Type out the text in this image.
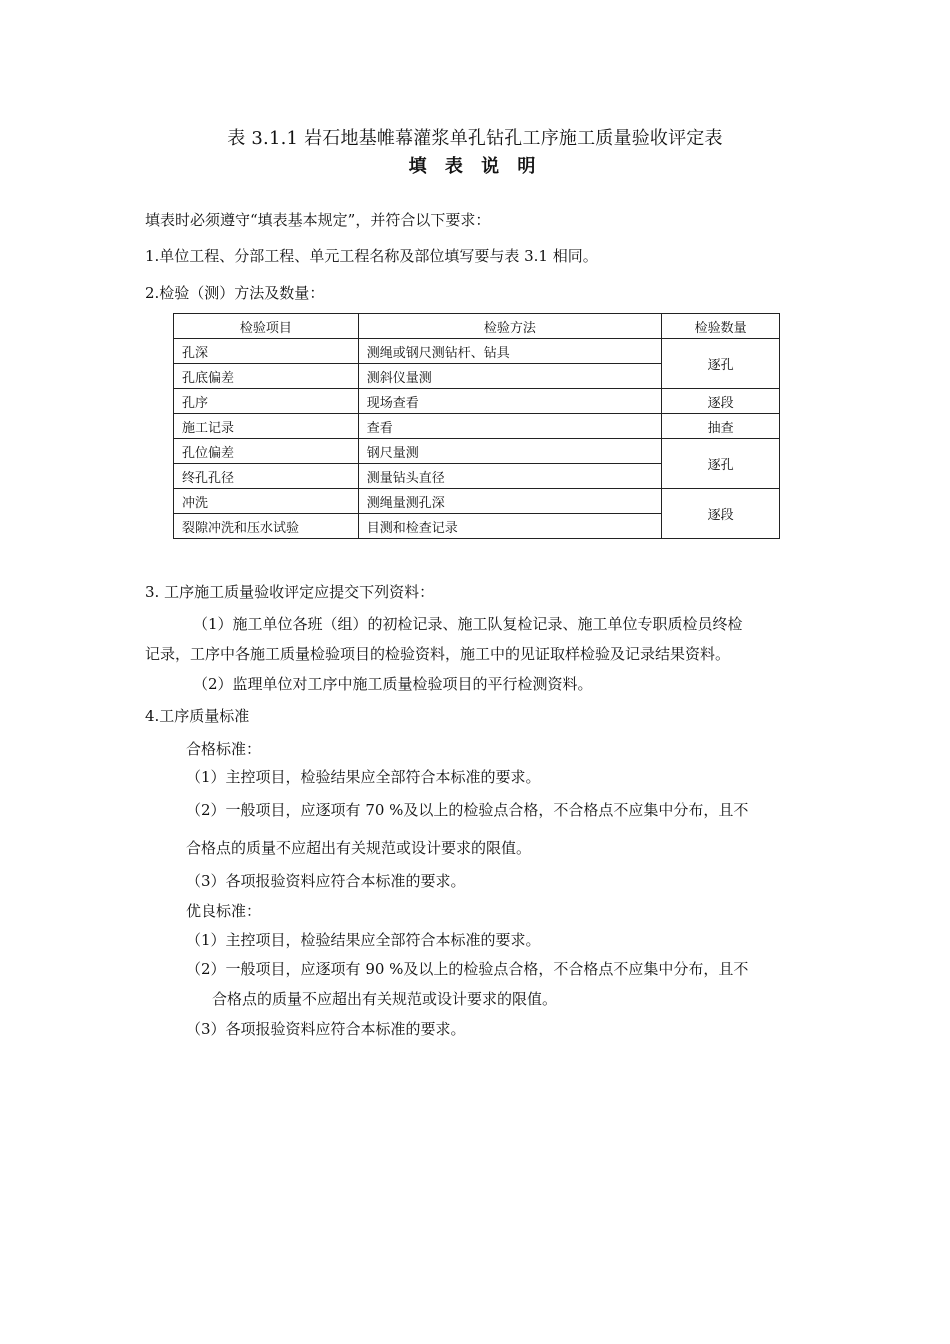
表 3.1.1 岩石地基帷幕灌浆单孔钻孔工序施工质量验收评定表
填 表 说 明
填表时必须遵守“填表基本规定”，并符合以下要求：
1.单位工程、分部工程、单元工程名称及部位填写要与表 3.1 相同。
2.检验（测）方法及数量：
检验项目	检验方法	检验数量
孔深	测绳或钢尺测钻杆、钻具	逐孔
孔底偏差	测斜仪量测	
孔序	现场查看	逐段
施工记录	查看	抽查
孔位偏差	钢尺量测	逐孔
终孔孔径	测量钻头直径	
冲洗	测绳量测孔深	逐段
裂隙冲洗和压水试验	目测和检查记录	
3. 工序施工质量验收评定应提交下列资料：
（1）施工单位各班（组）的初检记录、施工队复检记录、施工单位专职质检员终检
记录，工序中各施工质量检验项目的检验资料，施工中的见证取样检验及记录结果资料。
（2）监理单位对工序中施工质量检验项目的平行检测资料。
4.工序质量标准
合格标准：
（1）主控项目，检验结果应全部符合本标准的要求。
（2）一般项目，应逐项有 70 %及以上的检验点合格，不合格点不应集中分布，且不
合格点的质量不应超出有关规范或设计要求的限值。
（3）各项报验资料应符合本标准的要求。
优良标准：
（1）主控项目，检验结果应全部符合本标准的要求。
（2）一般项目，应逐项有 90 %及以上的检验点合格，不合格点不应集中分布，且不
合格点的质量不应超出有关规范或设计要求的限值。
（3）各项报验资料应符合本标准的要求。
